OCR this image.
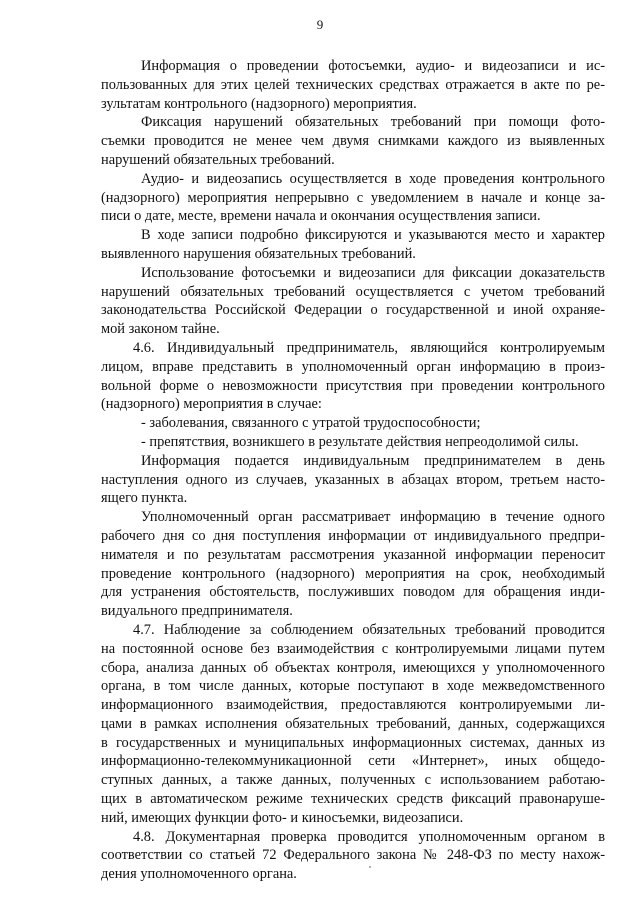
9
Информация о проведении фотосъемки, аудио- и видеозаписи и ис-
пользованных для этих целей технических средствах отражается в акте по ре-
зультатам контрольного (надзорного) мероприятия.
Фиксация нарушений обязательных требований при помощи фото-
съемки проводится не менее чем двумя снимками каждого из выявленных
нарушений обязательных требований.
Аудио- и видеозапись осуществляется в ходе проведения контрольного
(надзорного) мероприятия непрерывно с уведомлением в начале и конце за-
писи о дате, месте, времени начала и окончания осуществления записи.
В ходе записи подробно фиксируются и указываются место и характер
выявленного нарушения обязательных требований.
Использование фотосъемки и видеозаписи для фиксации доказательств
нарушений обязательных требований осуществляется с учетом требований
законодательства Российской Федерации о государственной и иной охраняе-
мой законом тайне.
4.6. Индивидуальный предприниматель, являющийся контролируемым
лицом, вправе представить в уполномоченный орган информацию в произ-
вольной форме о невозможности присутствия при проведении контрольного
(надзорного) мероприятия в случае:
- заболевания, связанного с утратой трудоспособности;
- препятствия, возникшего в результате действия непреодолимой силы.
Информация подается индивидуальным предпринимателем в день
наступления одного из случаев, указанных в абзацах втором, третьем насто-
ящего пункта.
Уполномоченный орган рассматривает информацию в течение одного
рабочего дня со дня поступления информации от индивидуального предпри-
нимателя и по результатам рассмотрения указанной информации переносит
проведение контрольного (надзорного) мероприятия на срок, необходимый
для устранения обстоятельств, послуживших поводом для обращения инди-
видуального предпринимателя.
4.7. Наблюдение за соблюдением обязательных требований проводится
на постоянной основе без взаимодействия с контролируемыми лицами путем
сбора, анализа данных об объектах контроля, имеющихся у уполномоченного
органа, в том числе данных, которые поступают в ходе межведомственного
информационного взаимодействия, предоставляются контролируемыми ли-
цами в рамках исполнения обязательных требований, данных, содержащихся
в государственных и муниципальных информационных системах, данных из
информационно-телекоммуникационной сети «Интернет», иных общедо-
ступных данных, а также данных, полученных с использованием работаю-
щих в автоматическом режиме технических средств фиксаций правонаруше-
ний, имеющих функции фото- и киносъемки, видеозаписи.
4.8. Документарная проверка проводится уполномоченным органом в
соответствии со статьей 72 Федерального закона № 248-ФЗ по месту нахож-
дения уполномоченного органа.
